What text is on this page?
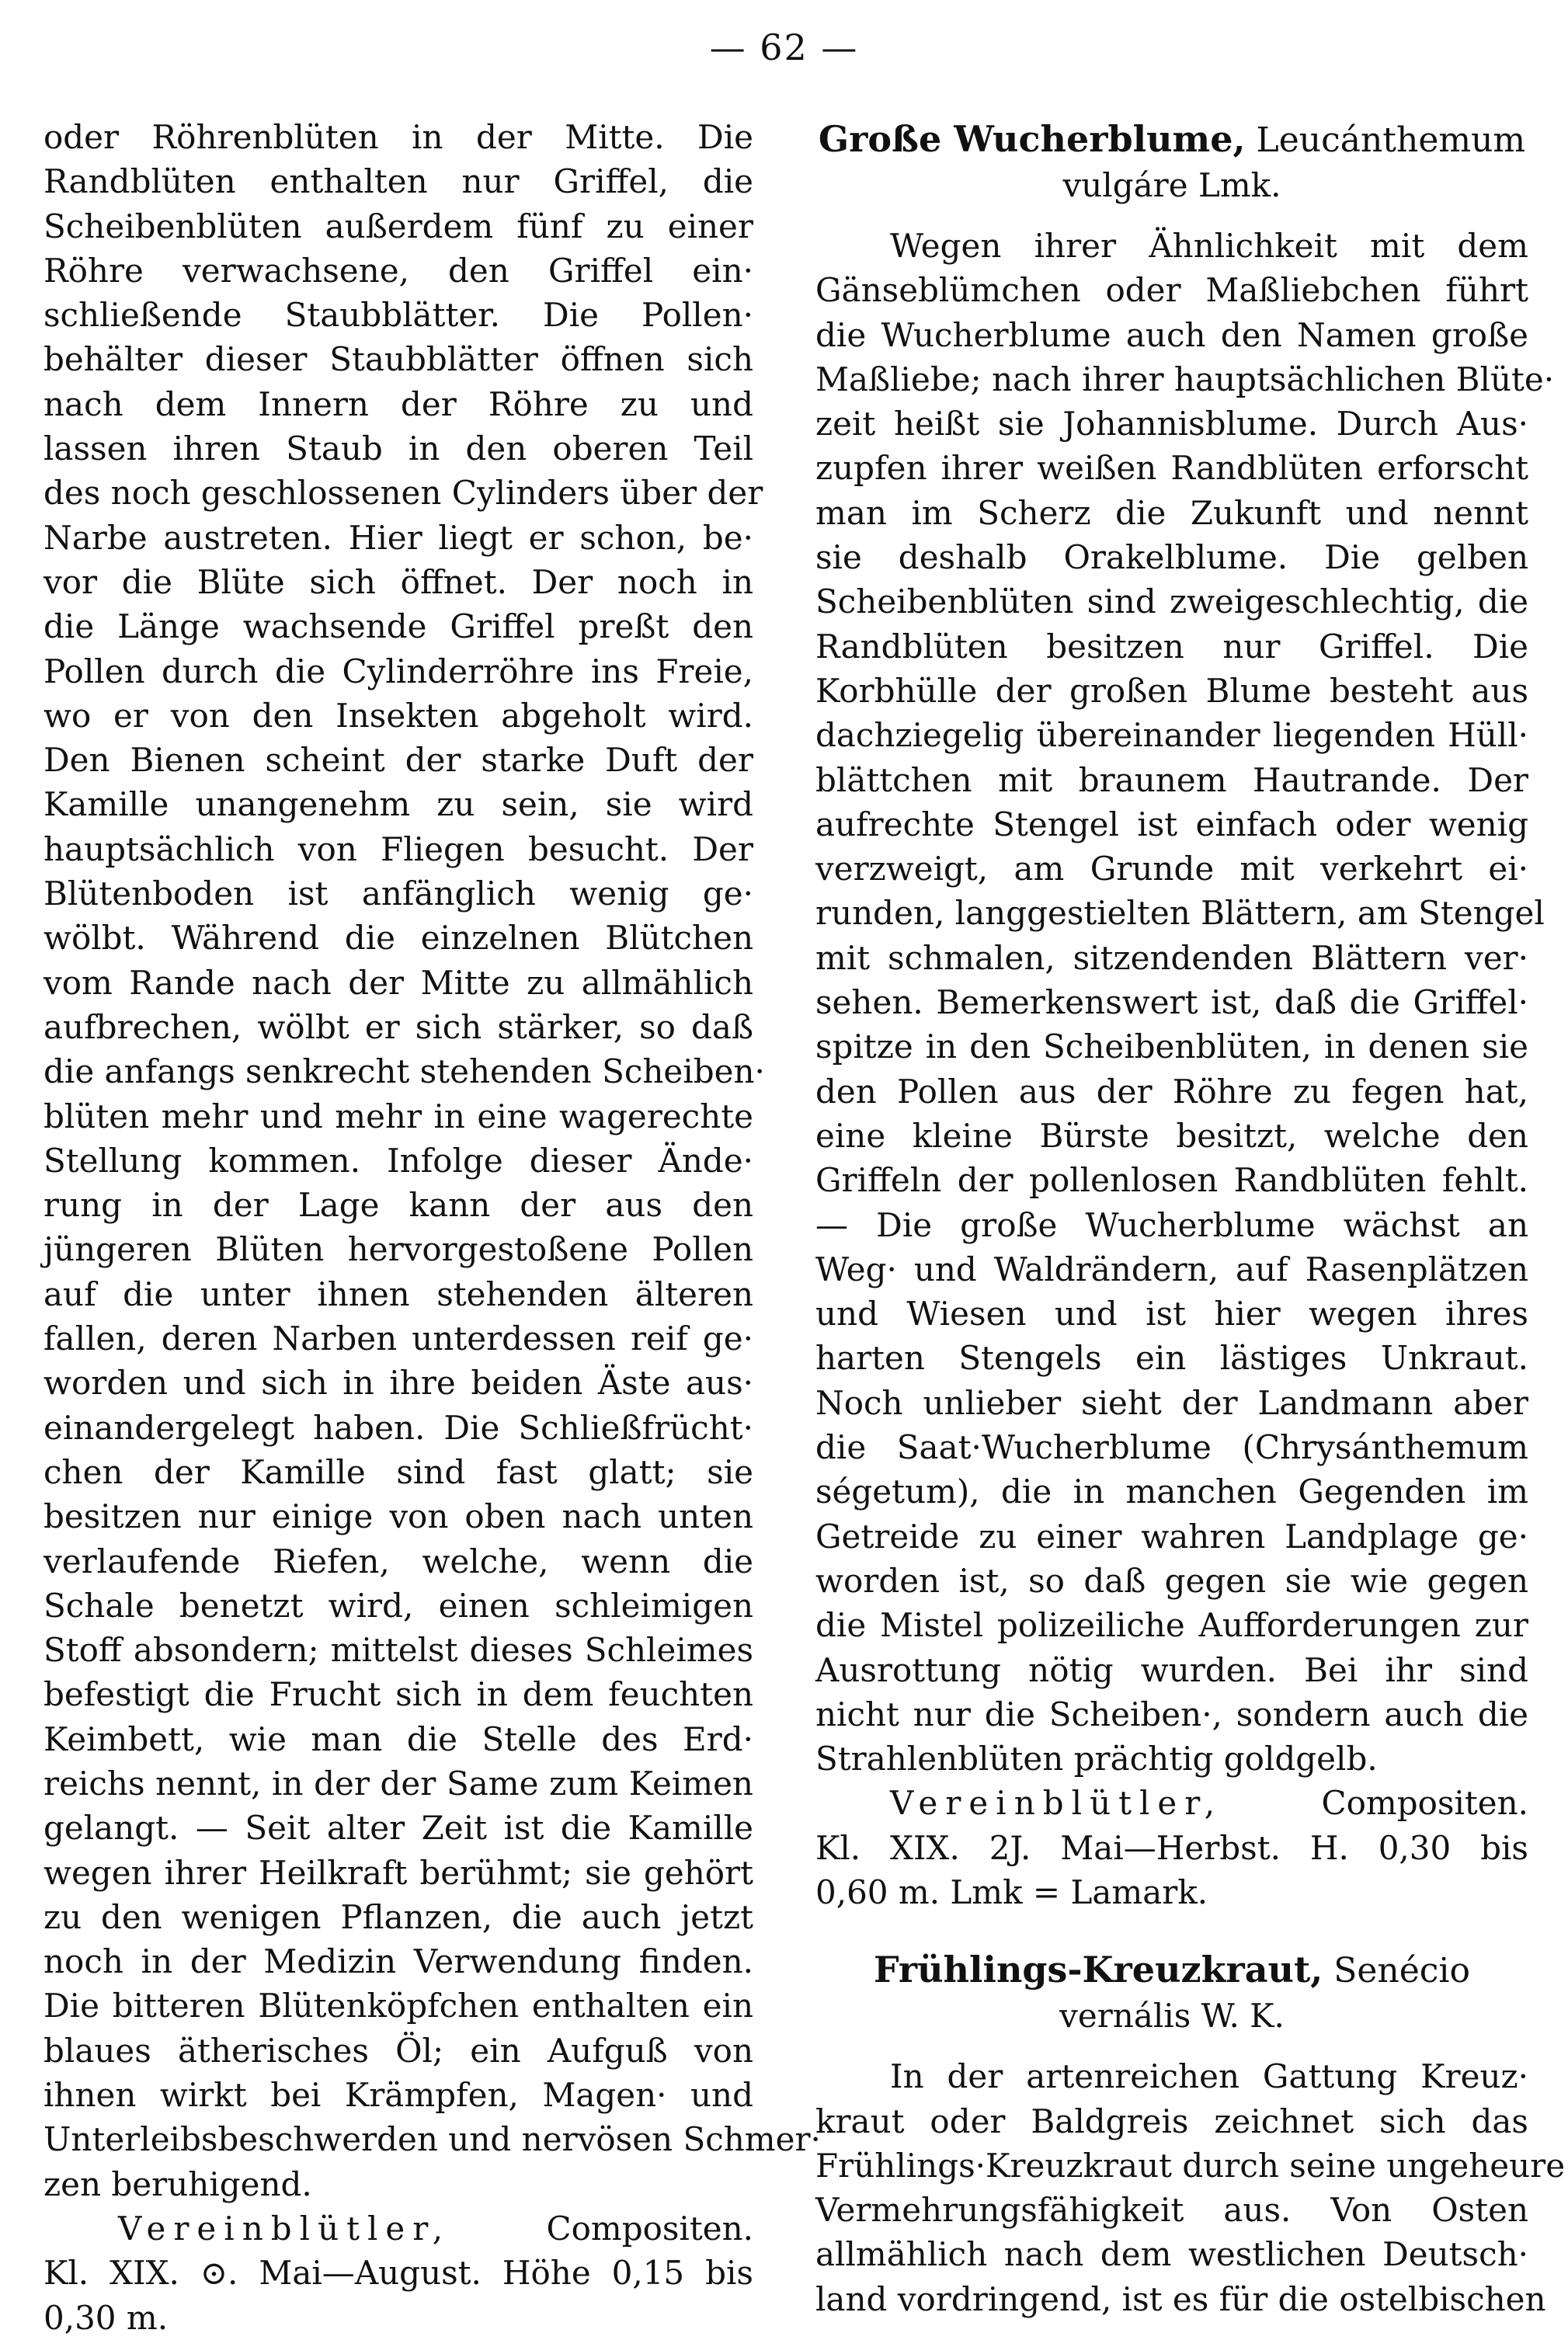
— 62 —
oder Röhrenblüten in der Mitte. Die
Randblüten enthalten nur Griffel, die
Scheibenblüten außerdem fünf zu einer
Röhre verwachsene, den Griffel ein·
schließende Staubblätter. Die Pollen·
behälter dieser Staubblätter öffnen sich
nach dem Innern der Röhre zu und
lassen ihren Staub in den oberen Teil
des noch geschlossenen Cylinders über der
Narbe austreten. Hier liegt er schon, be·
vor die Blüte sich öffnet. Der noch in
die Länge wachsende Griffel preßt den
Pollen durch die Cylinderröhre ins Freie,
wo er von den Insekten abgeholt wird.
Den Bienen scheint der starke Duft der
Kamille unangenehm zu sein, sie wird
hauptsächlich von Fliegen besucht. Der
Blütenboden ist anfänglich wenig ge·
wölbt. Während die einzelnen Blütchen
vom Rande nach der Mitte zu allmählich
aufbrechen, wölbt er sich stärker, so daß
die anfangs senkrecht stehenden Scheiben·
blüten mehr und mehr in eine wagerechte
Stellung kommen. Infolge dieser Ände·
rung in der Lage kann der aus den
jüngeren Blüten hervorgestoßene Pollen
auf die unter ihnen stehenden älteren
fallen, deren Narben unterdessen reif ge·
worden und sich in ihre beiden Äste aus·
einandergelegt haben. Die Schließfrücht·
chen der Kamille sind fast glatt; sie
besitzen nur einige von oben nach unten
verlaufende Riefen, welche, wenn die
Schale benetzt wird, einen schleimigen
Stoff absondern; mittelst dieses Schleimes
befestigt die Frucht sich in dem feuchten
Keimbett, wie man die Stelle des Erd·
reichs nennt, in der der Same zum Keimen
gelangt. — Seit alter Zeit ist die Kamille
wegen ihrer Heilkraft berühmt; sie gehört
zu den wenigen Pflanzen, die auch jetzt
noch in der Medizin Verwendung finden.
Die bitteren Blütenköpfchen enthalten ein
blaues ätherisches Öl; ein Aufguß von
ihnen wirkt bei Krämpfen, Magen· und
Unterleibsbeschwerden und nervösen Schmer·
zen beruhigend.
Vereinblütler,	Compositen.
Kl. XIX. ⊙. Mai—August. Höhe 0,15 bis
0,30 m.
Große Wucherblume, Leucánthemum
vulgáre Lmk.
Wegen ihrer Ähnlichkeit mit dem
Gänseblümchen oder Maßliebchen führt
die Wucherblume auch den Namen große
Maßliebe; nach ihrer hauptsächlichen Blüte·
zeit heißt sie Johannisblume. Durch Aus·
zupfen ihrer weißen Randblüten erforscht
man im Scherz die Zukunft und nennt
sie deshalb Orakelblume. Die gelben
Scheibenblüten sind zweigeschlechtig, die
Randblüten besitzen nur Griffel. Die
Korbhülle der großen Blume besteht aus
dachziegelig übereinander liegenden Hüll·
blättchen mit braunem Hautrande. Der
aufrechte Stengel ist einfach oder wenig
verzweigt, am Grunde mit verkehrt ei·
runden, langgestielten Blättern, am Stengel
mit schmalen, sitzendenden Blättern ver·
sehen. Bemerkenswert ist, daß die Griffel·
spitze in den Scheibenblüten, in denen sie
den Pollen aus der Röhre zu fegen hat,
eine kleine Bürste besitzt, welche den
Griffeln der pollenlosen Randblüten fehlt.
— Die große Wucherblume wächst an
Weg· und Waldrändern, auf Rasenplätzen
und Wiesen und ist hier wegen ihres
harten Stengels ein lästiges Unkraut.
Noch unlieber sieht der Landmann aber
die Saat·Wucherblume (Chrysánthemum
ségetum), die in manchen Gegenden im
Getreide zu einer wahren Landplage ge·
worden ist, so daß gegen sie wie gegen
die Mistel polizeiliche Aufforderungen zur
Ausrottung nötig wurden. Bei ihr sind
nicht nur die Scheiben·, sondern auch die
Strahlenblüten prächtig goldgelb.
Vereinblütler,	Compositen.
Kl. XIX. 2J. Mai—Herbst. H. 0,30 bis
0,60 m. Lmk = Lamark.
Frühlings-Kreuzkraut, Senécio
vernális W. K.
In der artenreichen Gattung Kreuz·
kraut oder Baldgreis zeichnet sich das
Frühlings·Kreuzkraut durch seine ungeheure
Vermehrungsfähigkeit aus. Von Osten
allmählich nach dem westlichen Deutsch·
land vordringend, ist es für die ostelbischen
